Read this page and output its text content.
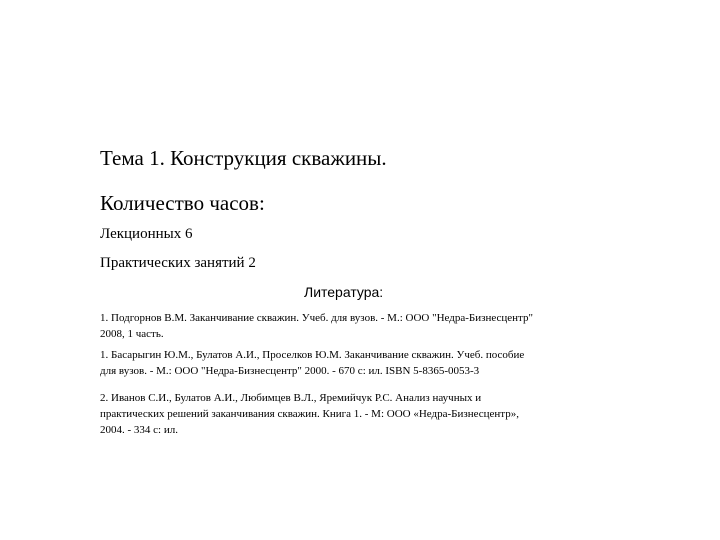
Тема 1. Конструкция скважины.
Количество часов:
Лекционных 6
Практических занятий 2
Литература:
1. Подгорнов В.М. Заканчивание скважин. Учеб. для вузов. - М.: ООО "Недра-Бизнесцентр"
2008, 1 часть.
1. Басарыгин Ю.М., Булатов А.И., Проселков Ю.М. Заканчивание скважин. Учеб. пособие
для вузов. - М.: ООО "Недра-Бизнесцентр" 2000. - 670 с: ил. ISBN 5-8365-0053-3
2. Иванов С.И., Булатов А.И., Любимцев В.Л., Яремийчук Р.С. Анализ научных и
практических решений заканчивания скважин. Книга 1. - М: ООО «Недра-Бизнесцентр»,
2004. - 334 с: ил.
